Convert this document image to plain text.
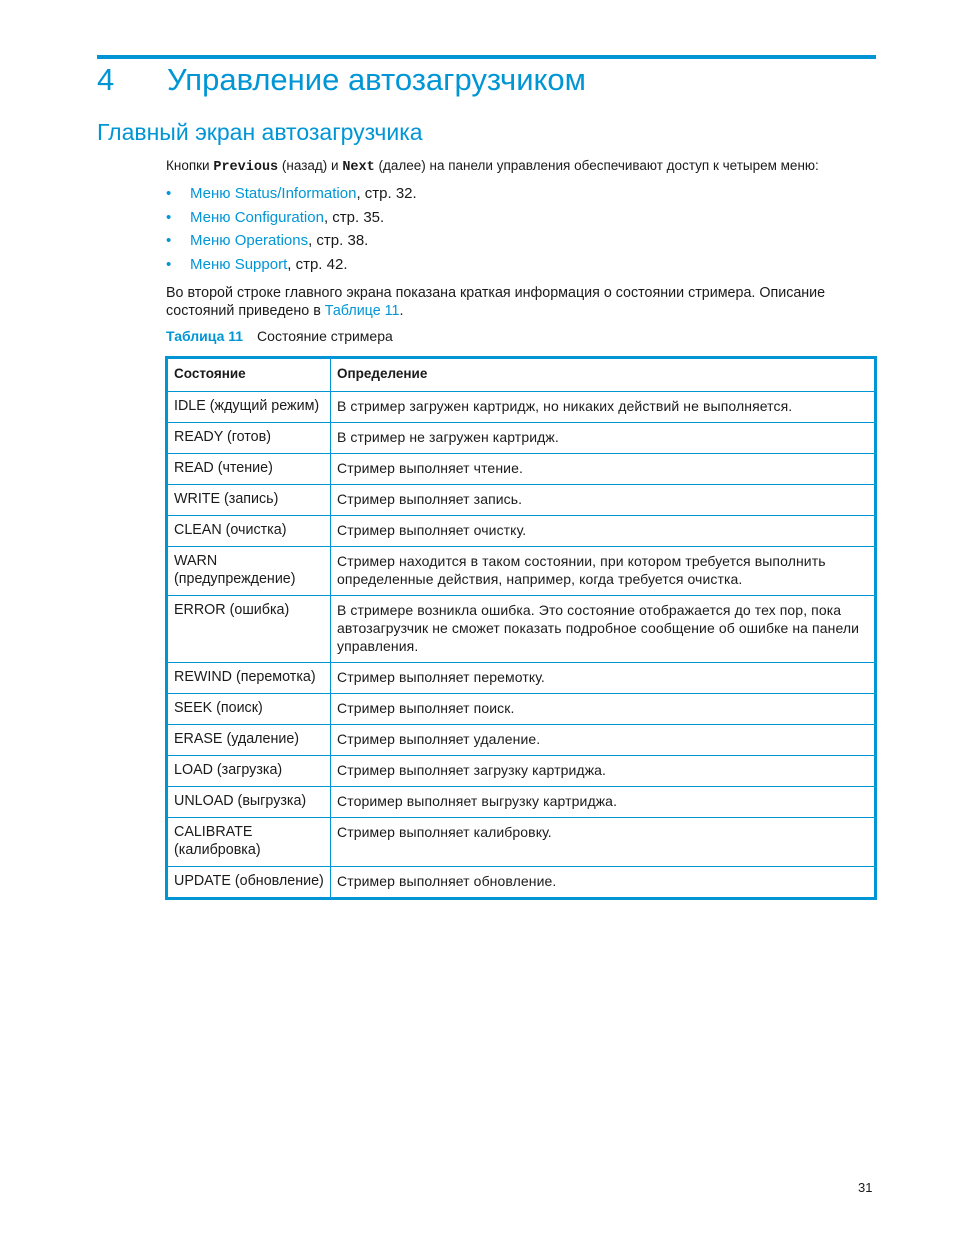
4 Управление автозагрузчиком
Главный экран автозагрузчика
Кнопки Previous (назад) и Next (далее) на панели управления обеспечивают доступ к четырем меню:
• Меню Status/Information, стр. 32.
• Меню Configuration, стр. 35.
• Меню Operations, стр. 38.
• Меню Support, стр. 42.
Во второй строке главного экрана показана краткая информация о состоянии стримера. Описание состояний приведено в Таблице 11.
Таблица 11 Состояние стримера
Состояние	Определение
IDLE (ждущий режим)	В стример загружен картридж, но никаких действий не выполняется.
READY (готов)	В стример не загружен картридж.
READ (чтение)	Стример выполняет чтение.
WRITE (запись)	Стример выполняет запись.
CLEAN (очистка)	Стример выполняет очистку.
WARN (предупреждение)	Стример находится в таком состоянии, при котором требуется выполнить определенные действия, например, когда требуется очистка.
ERROR (ошибка)	В стримере возникла ошибка. Это состояние отображается до тех пор, пока автозагрузчик не сможет показать подробное сообщение об ошибке на панели управления.
REWIND (перемотка)	Стример выполняет перемотку.
SEEK (поиск)	Стример выполняет поиск.
ERASE (удаление)	Стример выполняет удаление.
LOAD (загрузка)	Стример выполняет загрузку картриджа.
UNLOAD (выгрузка)	Стоример выполняет выгрузку картриджа.
CALIBRATE (калибровка)	Стример выполняет калибровку.
UPDATE (обновление)	Стример выполняет обновление.
31
